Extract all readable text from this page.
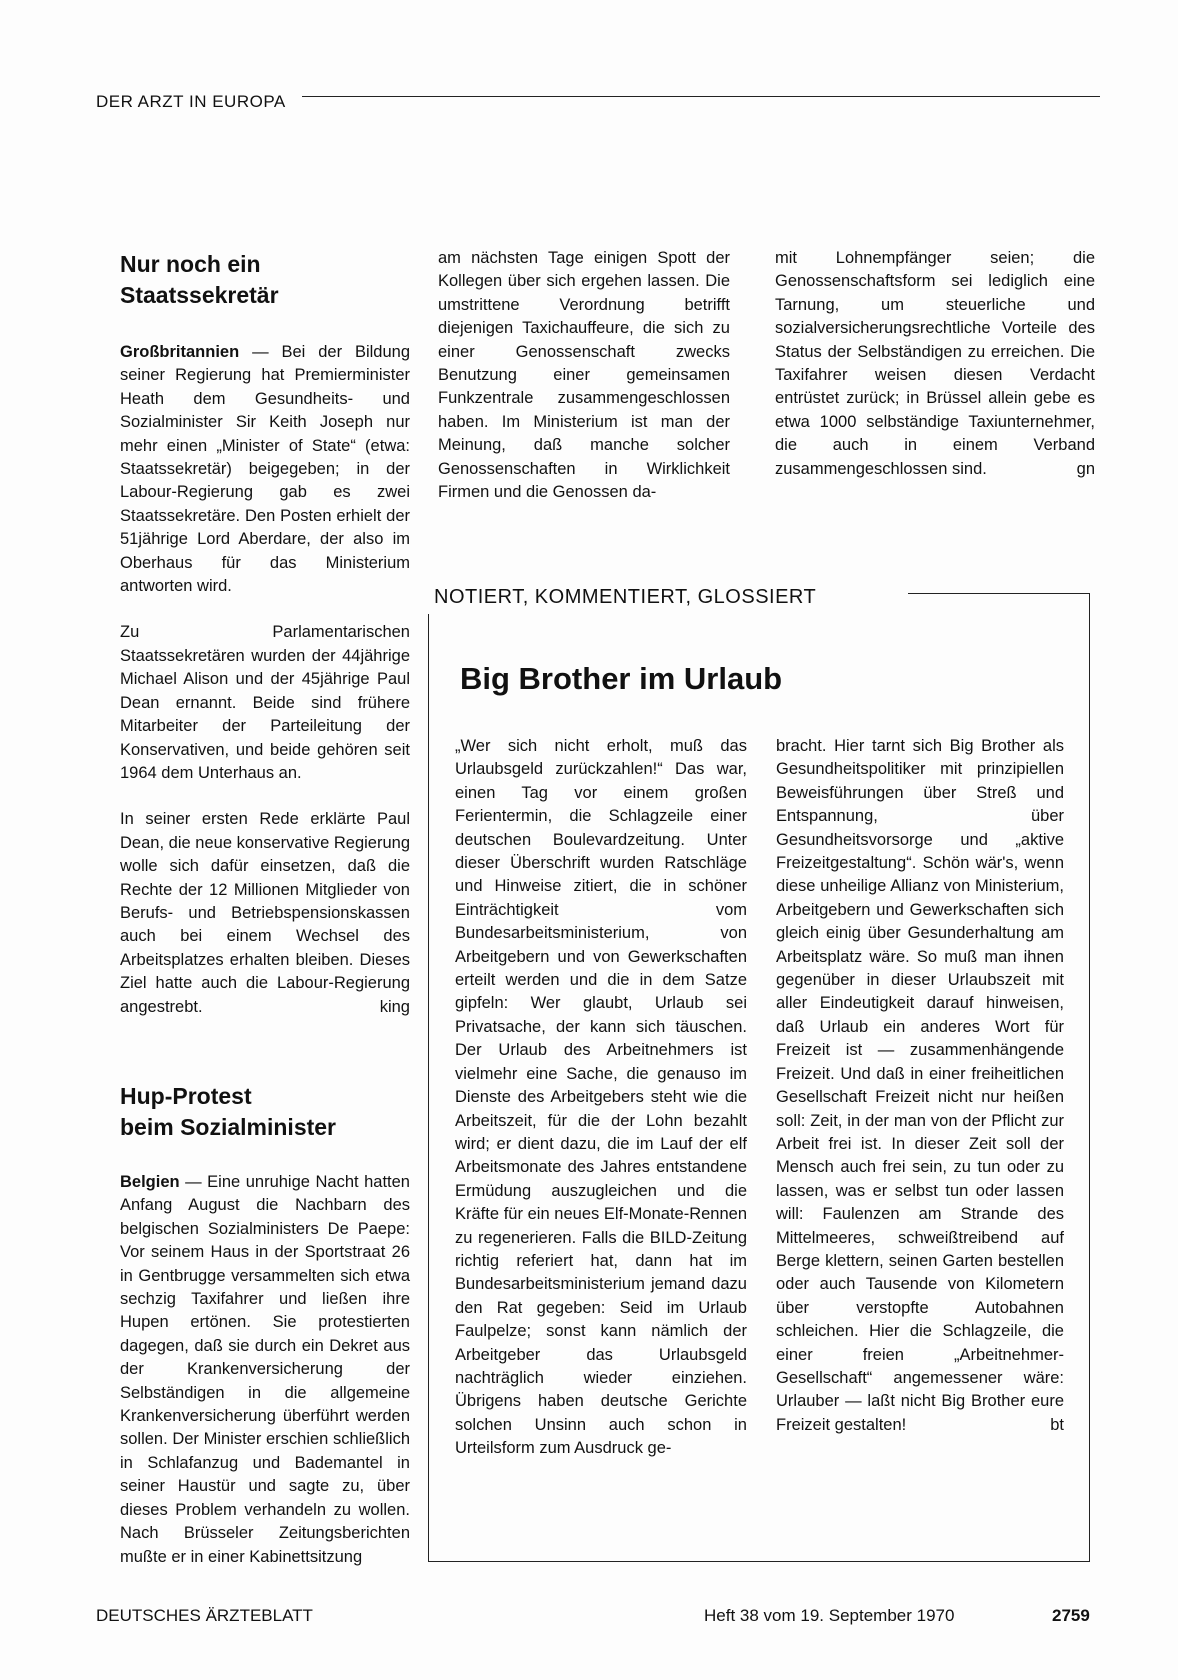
DER ARZT IN EUROPA
Nur noch ein
Staatssekretär

Großbritannien — Bei der Bildung seiner Regierung hat Premierminister Heath dem Gesundheits- und Sozialminister Sir Keith Joseph nur mehr einen „Minister of State“ (etwa: Staatssekretär) beigegeben; in der Labour-Regierung gab es zwei Staatssekretäre. Den Posten erhielt der 51jährige Lord Aberdare, der also im Oberhaus für das Ministerium antworten wird.

Zu Parlamentarischen Staatssekretären wurden der 44jährige Michael Alison und der 45jährige Paul Dean ernannt. Beide sind frühere Mitarbeiter der Parteileitung der Konservativen, und beide gehören seit 1964 dem Unterhaus an.

In seiner ersten Rede erklärte Paul Dean, die neue konservative Regierung wolle sich dafür einsetzen, daß die Rechte der 12 Millionen Mitglieder von Berufs- und Betriebspensionskassen auch bei einem Wechsel des Arbeitsplatzes erhalten bleiben. Dieses Ziel hatte auch die Labour-Regierung angestrebt.	king

Hup-Protest
beim Sozialminister

Belgien — Eine unruhige Nacht hatten Anfang August die Nachbarn des belgischen Sozialministers De Paepe: Vor seinem Haus in der Sportstraat 26 in Gentbrugge versammelten sich etwa sechzig Taxifahrer und ließen ihre Hupen ertönen. Sie protestierten dagegen, daß sie durch ein Dekret aus der Krankenversicherung der Selbständigen in die allgemeine Krankenversicherung überführt werden sollen. Der Minister erschien schließlich in Schlafanzug und Bademantel in seiner Haustür und sagte zu, über dieses Problem verhandeln zu wollen. Nach Brüsseler Zeitungsberichten mußte er in einer Kabinettsitzung

am nächsten Tage einigen Spott der Kollegen über sich ergehen lassen. Die umstrittene Verordnung betrifft diejenigen Taxichauffeure, die sich zu einer Genossenschaft zwecks Benutzung einer gemeinsamen Funkzentrale zusammengeschlossen haben. Im Ministerium ist man der Meinung, daß manche solcher Genossenschaften in Wirklichkeit Firmen und die Genossen da-

mit Lohnempfänger seien; die Genossenschaftsform sei lediglich eine Tarnung, um steuerliche und sozialversicherungsrechtliche Vorteile des Status der Selbständigen zu erreichen. Die Taxifahrer weisen diesen Verdacht entrüstet zurück; in Brüssel allein gebe es etwa 1000 selbständige Taxiunternehmer, die auch in einem Verband zusammengeschlossen sind.	gn

NOTIERT, KOMMENTIERT, GLOSSIERT
Big Brother im Urlaub

„Wer sich nicht erholt, muß das Urlaubsgeld zurückzahlen!“ Das war, einen Tag vor einem großen Ferientermin, die Schlagzeile einer deutschen Boulevardzeitung. Unter dieser Überschrift wurden Ratschläge und Hinweise zitiert, die in schöner Einträchtigkeit vom Bundesarbeitsministerium, von Arbeitgebern und von Gewerkschaften erteilt werden und die in dem Satze gipfeln: Wer glaubt, Urlaub sei Privatsache, der kann sich täuschen. Der Urlaub des Arbeitnehmers ist vielmehr eine Sache, die genauso im Dienste des Arbeitgebers steht wie die Arbeitszeit, für die der Lohn bezahlt wird; er dient dazu, die im Lauf der elf Arbeitsmonate des Jahres entstandene Ermüdung auszugleichen und die Kräfte für ein neues Elf-Monate-Rennen zu regenerieren. Falls die BILD-Zeitung richtig referiert hat, dann hat im Bundesarbeitsministerium jemand dazu den Rat gegeben: Seid im Urlaub Faulpelze; sonst kann nämlich der Arbeitgeber das Urlaubsgeld nachträglich wieder einziehen. Übrigens haben deutsche Gerichte solchen Unsinn auch schon in Urteilsform zum Ausdruck ge-

bracht. Hier tarnt sich Big Brother als Gesundheitspolitiker mit prinzipiellen Beweisführungen über Streß und Entspannung, über Gesundheitsvorsorge und „aktive Freizeitgestaltung“. Schön wär's, wenn diese unheilige Allianz von Ministerium, Arbeitgebern und Gewerkschaften sich gleich einig über Gesunderhaltung am Arbeitsplatz wäre. So muß man ihnen gegenüber in dieser Urlaubszeit mit aller Eindeutigkeit darauf hinweisen, daß Urlaub ein anderes Wort für Freizeit ist — zusammenhängende Freizeit. Und daß in einer freiheitlichen Gesellschaft Freizeit nicht nur heißen soll: Zeit, in der man von der Pflicht zur Arbeit frei ist. In dieser Zeit soll der Mensch auch frei sein, zu tun oder zu lassen, was er selbst tun oder lassen will: Faulenzen am Strande des Mittelmeeres, schweißtreibend auf Berge klettern, seinen Garten bestellen oder auch Tausende von Kilometern über verstopfte Autobahnen schleichen. Hier die Schlagzeile, die einer freien „Arbeitnehmer-Gesellschaft“ angemessener wäre: Urlauber — laßt nicht Big Brother eure Freizeit gestalten!	bt

DEUTSCHES ÄRZTEBLATT	Heft 38 vom 19. September 1970	2759
